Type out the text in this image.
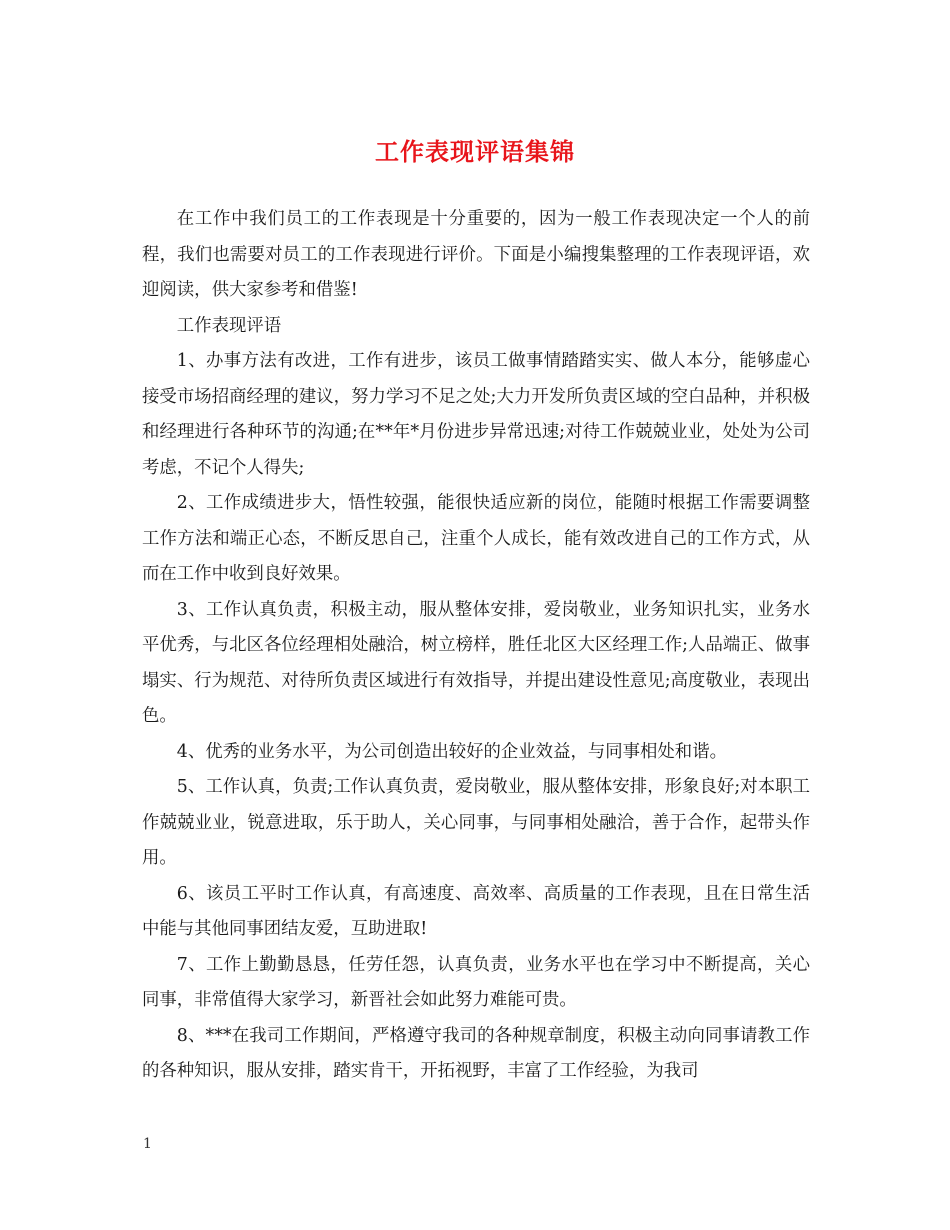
工作表现评语集锦

在工作中我们员工的工作表现是十分重要的，因为一般工作表现决定一个人的前程，我们也需要对员工的工作表现进行评价。下面是小编搜集整理的工作表现评语，欢迎阅读，供大家参考和借鉴!

工作表现评语

1、办事方法有改进，工作有进步，该员工做事情踏踏实实、做人本分，能够虚心接受市场招商经理的建议，努力学习不足之处;大力开发所负责区域的空白品种，并积极和经理进行各种环节的沟通;在**年*月份进步异常迅速;对待工作兢兢业业，处处为公司考虑，不记个人得失;

2、工作成绩进步大，悟性较强，能很快适应新的岗位，能随时根据工作需要调整工作方法和端正心态，不断反思自己，注重个人成长，能有效改进自己的工作方式，从而在工作中收到良好效果。

3、工作认真负责，积极主动，服从整体安排，爱岗敬业，业务知识扎实，业务水平优秀，与北区各位经理相处融洽，树立榜样，胜任北区大区经理工作;人品端正、做事塌实、行为规范、对待所负责区域进行有效指导，并提出建设性意见;高度敬业，表现出色。

4、优秀的业务水平，为公司创造出较好的企业效益，与同事相处和谐。

5、工作认真，负责;工作认真负责，爱岗敬业，服从整体安排，形象良好;对本职工作兢兢业业，锐意进取，乐于助人，关心同事，与同事相处融洽，善于合作，起带头作用。

6、该员工平时工作认真，有高速度、高效率、高质量的工作表现，且在日常生活中能与其他同事团结友爱，互助进取!

7、工作上勤勤恳恳，任劳任怨，认真负责，业务水平也在学习中不断提高，关心同事，非常值得大家学习，新晋社会如此努力难能可贵。

8、***在我司工作期间，严格遵守我司的各种规章制度，积极主动向同事请教工作的各种知识，服从安排，踏实肯干，开拓视野，丰富了工作经验，为我司

1
